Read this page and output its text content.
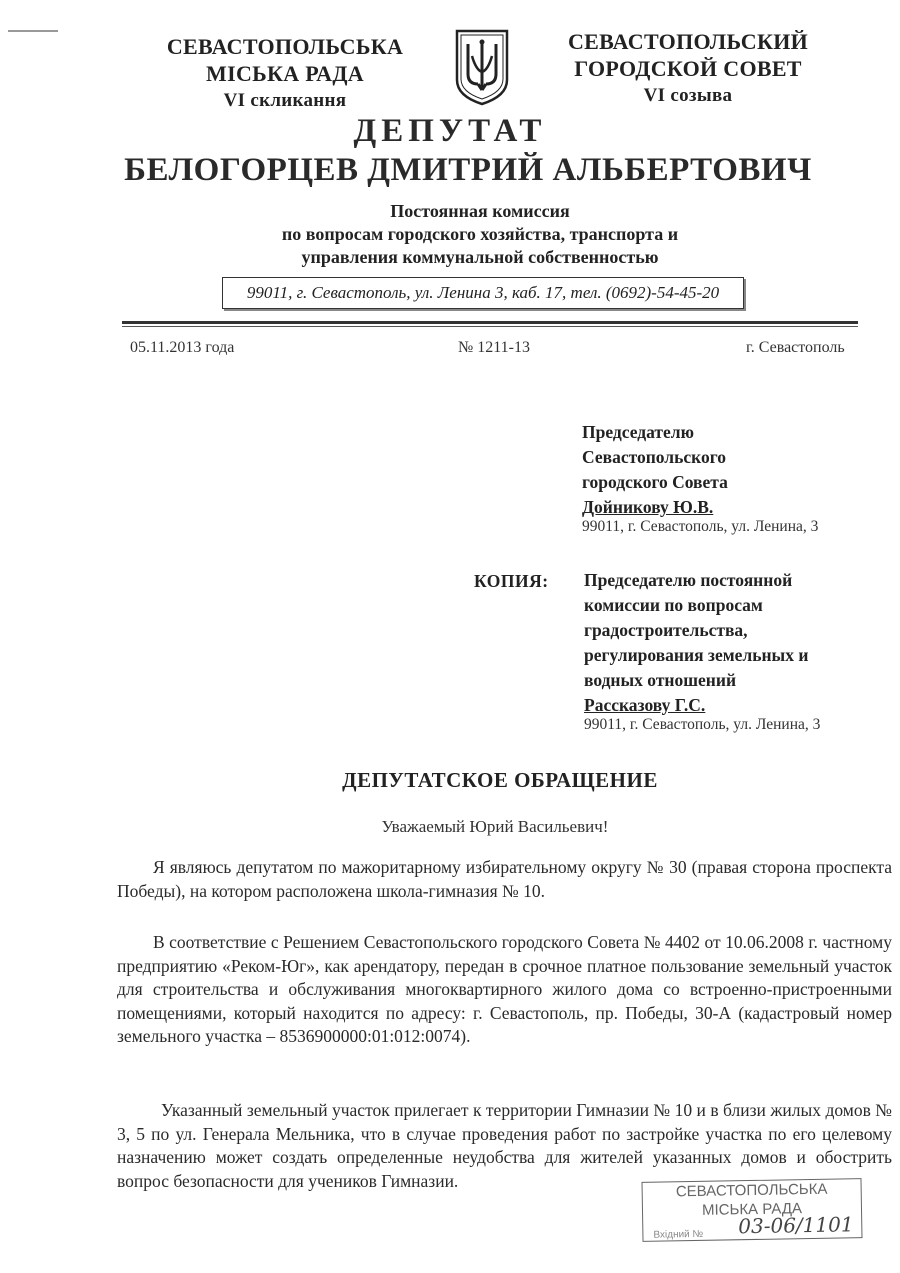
СЕВАСТОПОЛЬСЬКА
МІСЬКА РАДА
VI скликання
СЕВАСТОПОЛЬСКИЙ
ГОРОДСКОЙ СОВЕТ
VI созыва
ДЕПУТАТ
БЕЛОГОРЦЕВ ДМИТРИЙ АЛЬБЕРТОВИЧ
Постоянная комиссия
по вопросам городского хозяйства, транспорта и
управления коммунальной собственностью
99011, г. Севастополь, ул. Ленина 3, каб. 17, тел. (0692)-54-45-20
05.11.2013 года	№ 1211-13	г. Севастополь
Председателю
Севастопольского
городского Совета
Дойникову Ю.В.
99011, г. Севастополь, ул. Ленина, 3
КОПИЯ: Председателю постоянной
комиссии по вопросам
градостроительства,
регулирования земельных и
водных отношений
Рассказову Г.С.
99011, г. Севастополь, ул. Ленина, 3
ДЕПУТАТСКОЕ ОБРАЩЕНИЕ
Уважаемый Юрий Васильевич!
Я являюсь депутатом по мажоритарному избирательному округу № 30 (правая сторона проспекта Победы), на котором расположена школа-гимназия № 10.
В соответствие с Решением Севастопольского городского Совета № 4402 от 10.06.2008 г. частному предприятию «Реком-Юг», как арендатору, передан в срочное платное пользование земельный участок для строительства и обслуживания многоквартирного жилого дома со встроенно-пристроенными помещениями, который находится по адресу: г. Севастополь, пр. Победы, 30-А (кадастровый номер земельного участка – 8536900000:01:012:0074).
Указанный земельный участок прилегает к территории Гимназии № 10 и в близи жилых домов № 3, 5 по ул. Генерала Мельника, что в случае проведения работ по застройке участка по его целевому назначению может создать определенные неудобства для жителей указанных домов и обострить вопрос безопасности для учеников Гимназии.
СЕВАСТОПОЛЬСЬКА
МІСЬКА РАДА
Вхідний № 03-06/1101
